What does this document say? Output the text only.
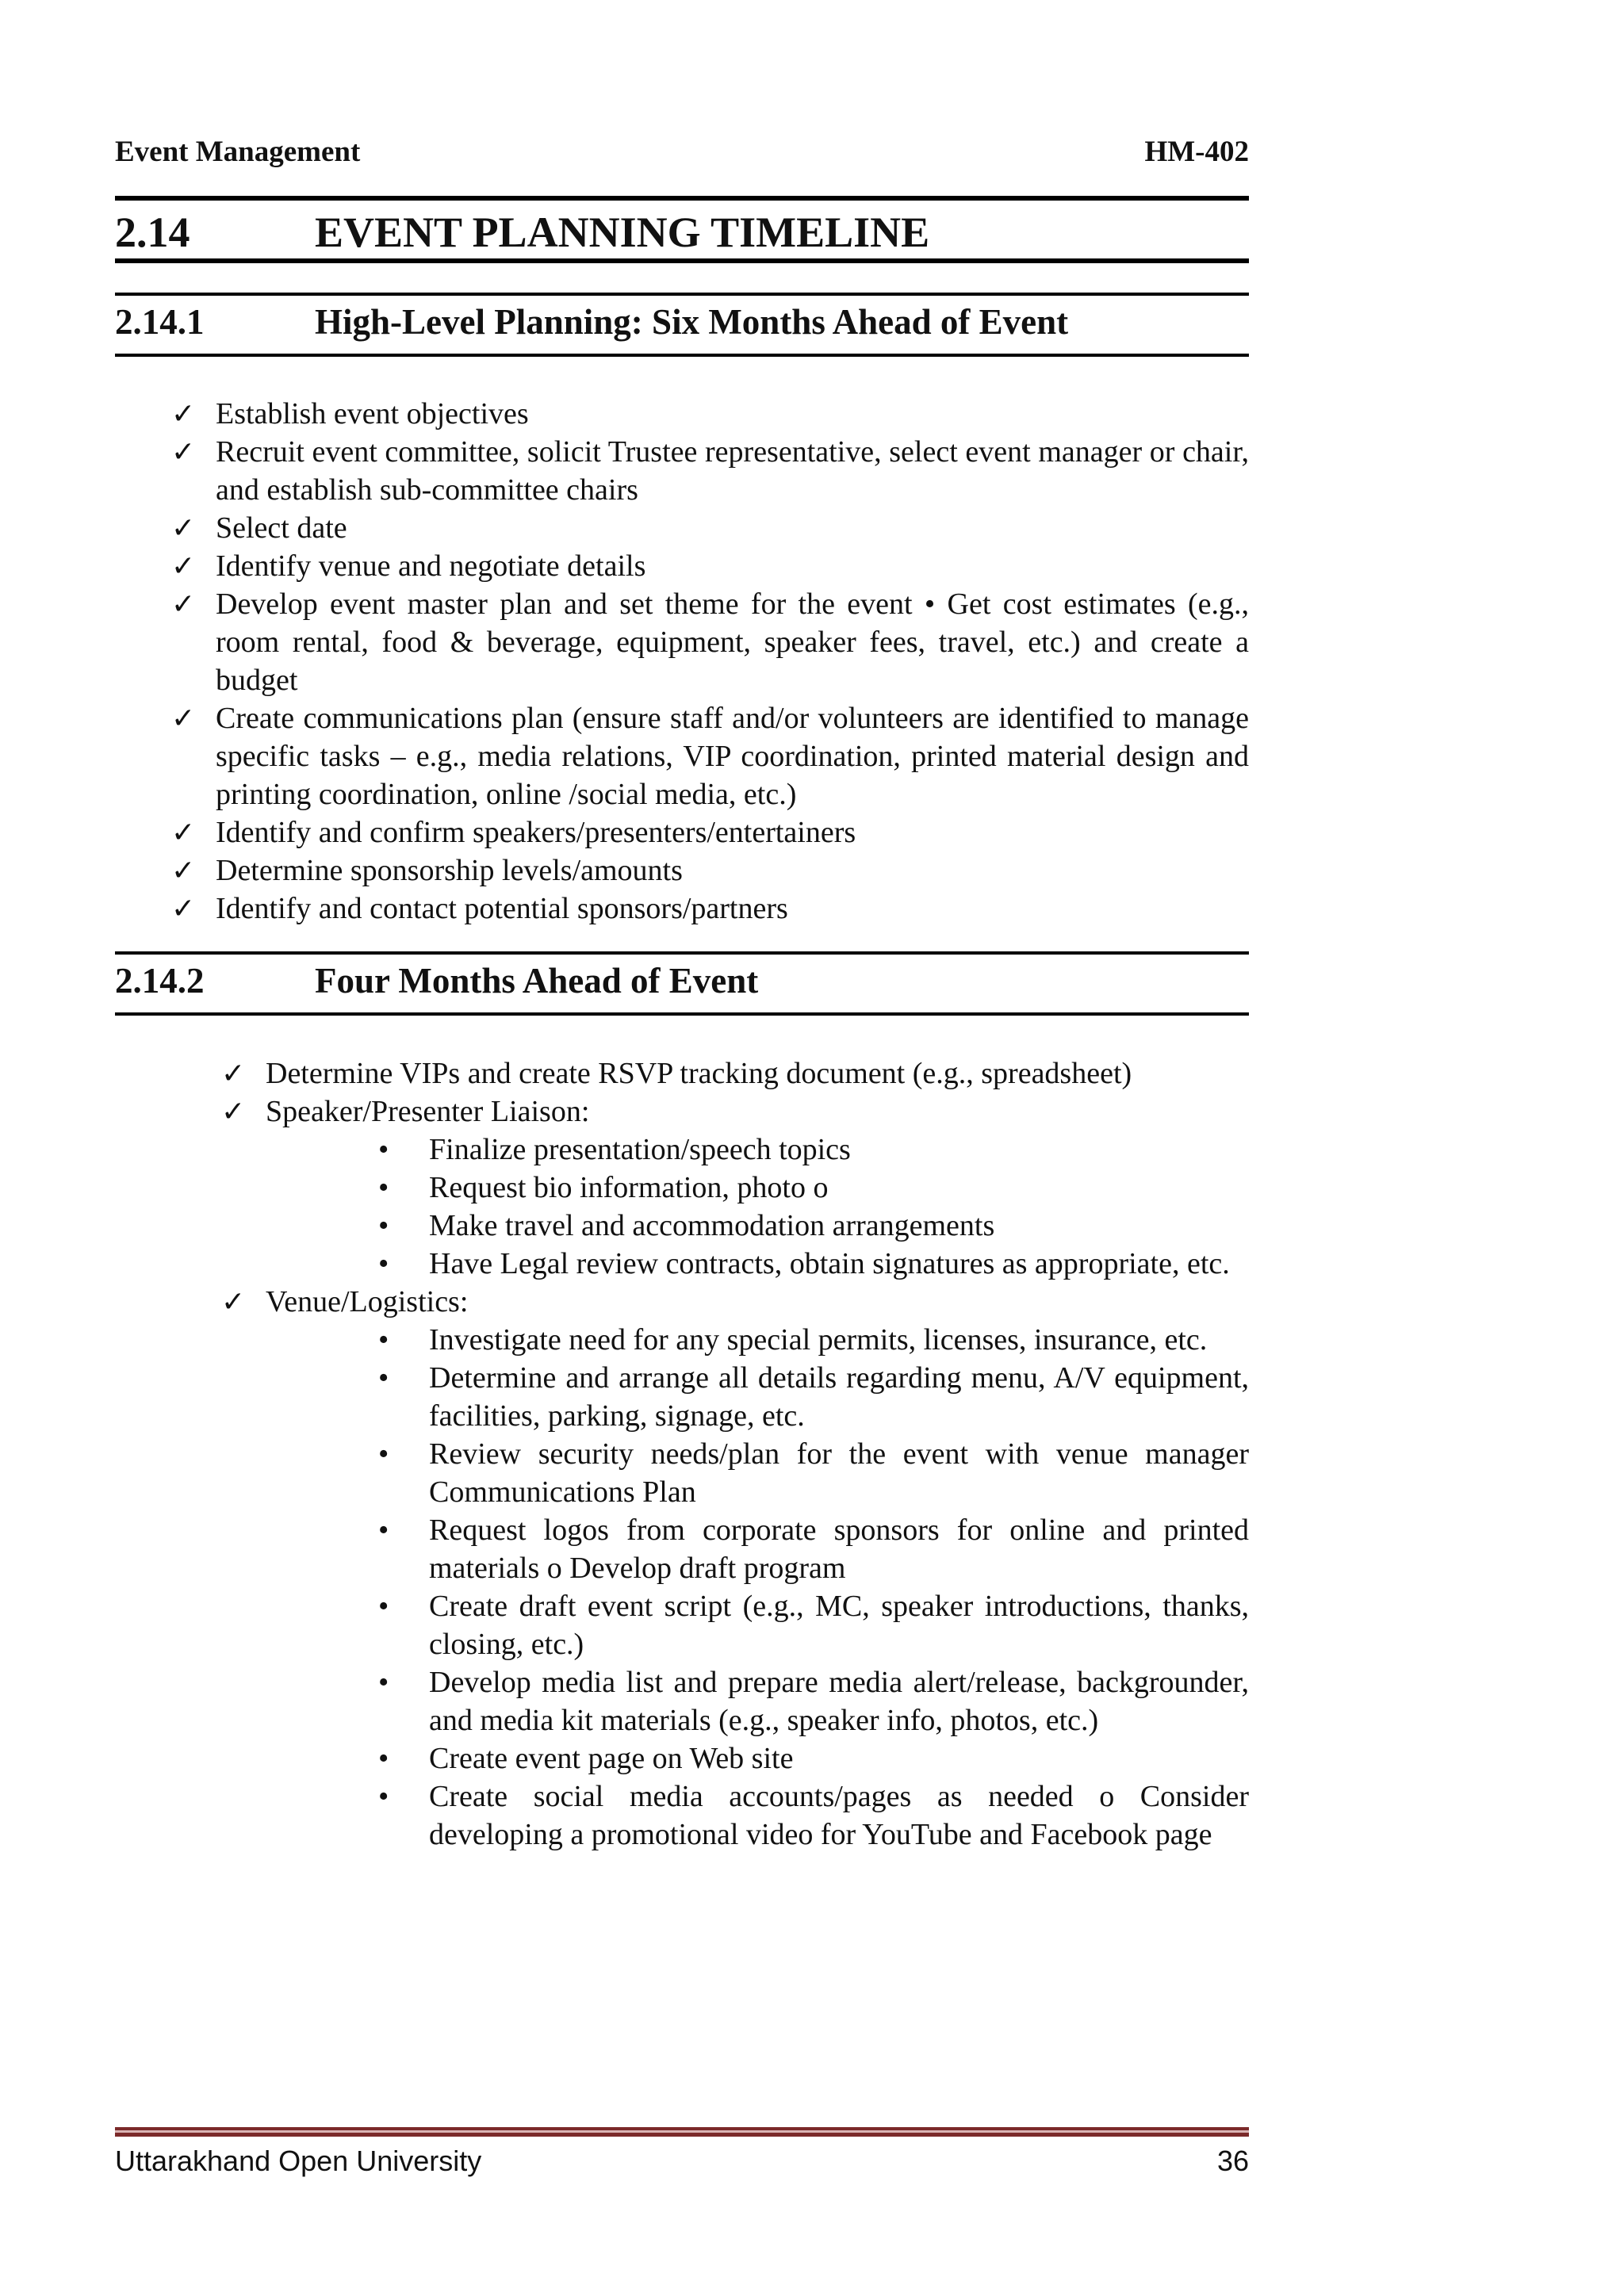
Event Management	HM-402
2.14	EVENT PLANNING TIMELINE
2.14.1	High-Level Planning: Six Months Ahead of Event
✓ Establish event objectives
✓ Recruit event committee, solicit Trustee representative, select event manager or chair, and establish sub-committee chairs
✓ Select date
✓ Identify venue and negotiate details
✓ Develop event master plan and set theme for the event • Get cost estimates (e.g., room rental, food & beverage, equipment, speaker fees, travel, etc.) and create a budget
✓ Create communications plan (ensure staff and/or volunteers are identified to manage specific tasks – e.g., media relations, VIP coordination, printed material design and printing coordination, online /social media, etc.)
✓ Identify and confirm speakers/presenters/entertainers
✓ Determine sponsorship levels/amounts
✓ Identify and contact potential sponsors/partners
2.14.2	Four Months Ahead of Event
✓ Determine VIPs and create RSVP tracking document (e.g., spreadsheet)
✓ Speaker/Presenter Liaison:
• Finalize presentation/speech topics
• Request bio information, photo o
• Make travel and accommodation arrangements
• Have Legal review contracts, obtain signatures as appropriate, etc.
✓ Venue/Logistics:
• Investigate need for any special permits, licenses, insurance, etc.
• Determine and arrange all details regarding menu, A/V equipment, facilities, parking, signage, etc.
• Review security needs/plan for the event with venue manager Communications Plan
• Request logos from corporate sponsors for online and printed materials o Develop draft program
• Create draft event script (e.g., MC, speaker introductions, thanks, closing, etc.)
• Develop media list and prepare media alert/release, backgrounder, and media kit materials (e.g., speaker info, photos, etc.)
• Create event page on Web site
• Create social media accounts/pages as needed o Consider developing a promotional video for YouTube and Facebook page
Uttarakhand Open University	36
